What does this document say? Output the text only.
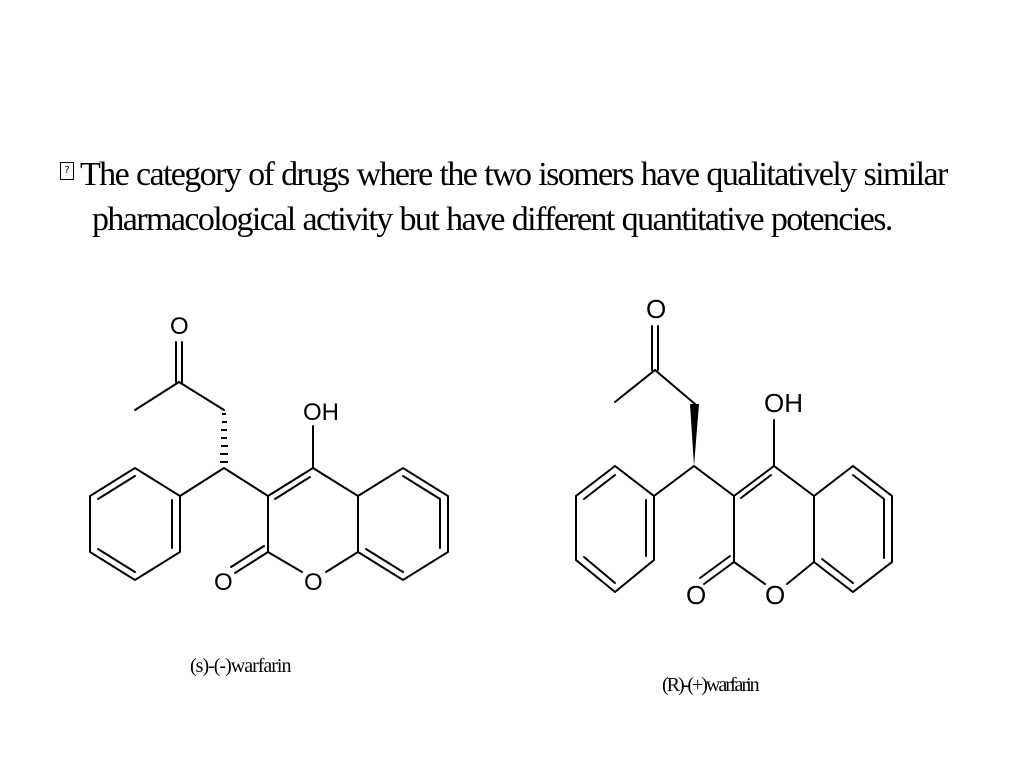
? The category of drugs where the two isomers have qualitatively similar pharmacological activity but have different quantitative potencies.

O
OH
O	O
O
OH
O O
(s)-(-)warfarin
(R)-(+)warfarin
